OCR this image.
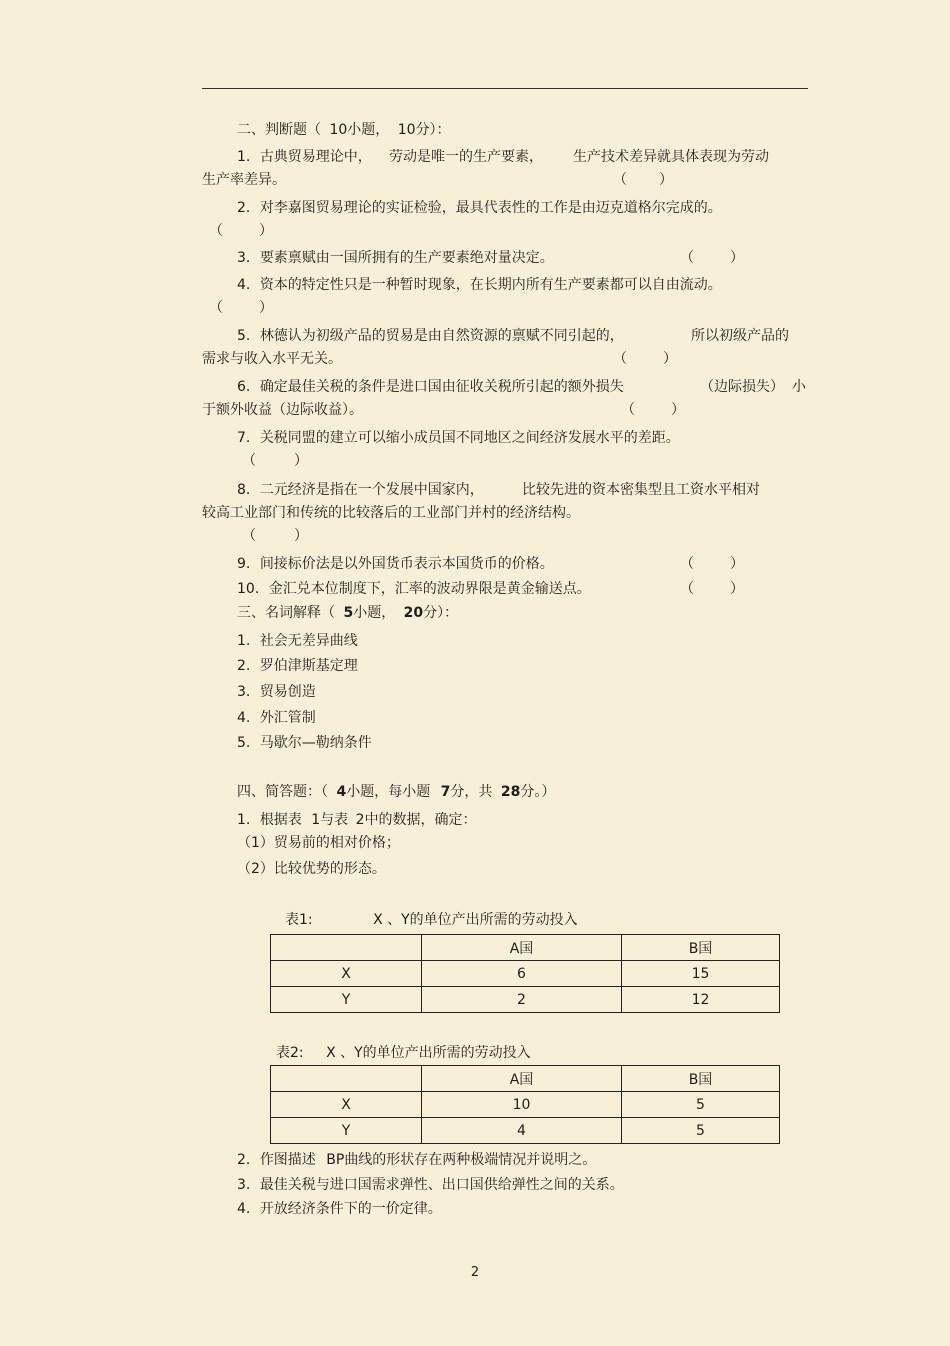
二、判断题（ 10小题， 10分）：
1. 古典贸易理论中， 劳动是唯一的生产要素， 生产技术差异就具体表现为劳动
生产率差异。	（ ）
2. 对李嘉图贸易理论的实证检验，最具代表性的工作是由迈克道格尔完成的。
（	）
3. 要素禀赋由一国所拥有的生产要素绝对量决定。	（	）
4. 资本的特定性只是一种暂时现象，在长期内所有生产要素都可以自由流动。
（	）
5. 林德认为初级产品的贸易是由自然资源的禀赋不同引起的，	所以初级产品的
需求与收入水平无关。	（	）
6. 确定最佳关税的条件是进口国由征收关税所引起的额外损失	（边际损失） 小
于额外收益（边际收益）。	（	）
7. 关税同盟的建立可以缩小成员国不同地区之间经济发展水平的差距。
（	）
8. 二元经济是指在一个发展中国家内，	比较先进的资本密集型且工资水平相对
较高工业部门和传统的比较落后的工业部门并村的经济结构。
（	）
9. 间接标价法是以外国货币表示本国货币的价格。	（	）
10. 金汇兑本位制度下，汇率的波动界限是黄金输送点。	（	）
三、名词解释（ 5小题， 20分）：
1. 社会无差异曲线
2. 罗伯津斯基定理
3. 贸易创造
4. 外汇管制
5. 马歇尔—勒纳条件
四、简答题：（ 4小题，每小题 7分，共 28分。）
1. 根据表 1与表 2中的数据，确定：
（1）贸易前的相对价格；
（2）比较优势的形态。
表1:	X 、Y的单位产出所需的劳动投入
	A国	B国
X	6	15
Y	2	12
表2: X 、Y的单位产出所需的劳动投入
	A国	B国
X	10	5
Y	4	5
2. 作图描述 BP曲线的形状存在两种极端情况并说明之。
3. 最佳关税与进口国需求弹性、出口国供给弹性之间的关系。
4. 开放经济条件下的一价定律。
2
